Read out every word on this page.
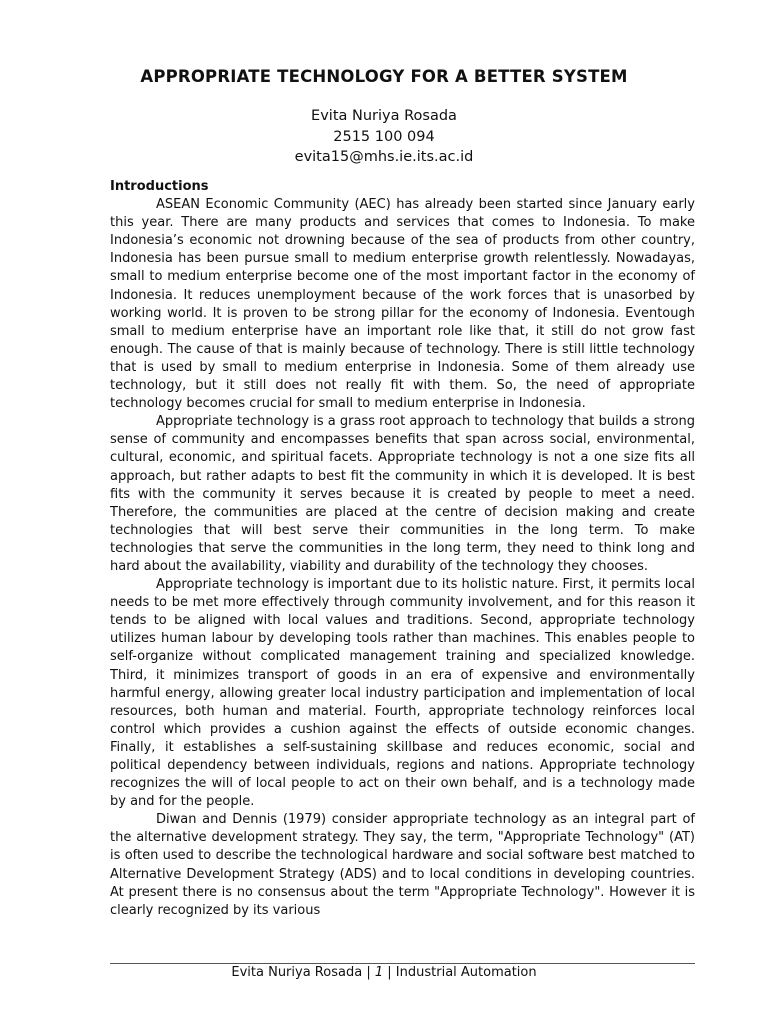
APPROPRIATE TECHNOLOGY FOR A BETTER SYSTEM
Evita Nuriya Rosada
2515 100 094
evita15@mhs.ie.its.ac.id
Introductions

ASEAN Economic Community (AEC) has already been started since January early this year. There are many products and services that comes to Indonesia. To make Indonesia’s economic not drowning because of the sea of products from other country, Indonesia has been pursue small to medium enterprise growth relentlessly. Nowadayas, small to medium enterprise become one of the most important factor in the economy of Indonesia. It reduces unemployment because of the work forces that is unasorbed by working world. It is proven to be strong pillar for the economy of Indonesia. Eventough small to medium enterprise have an important role like that, it still do not grow fast enough. The cause of that is mainly because of technology. There is still little technology that is used by small to medium enterprise in Indonesia. Some of them already use technology, but it still does not really fit with them. So, the need of appropriate technology becomes crucial for small to medium enterprise in Indonesia.

Appropriate technology is a grass root approach to technology that builds a strong sense of community and encompasses benefits that span across social, environmental, cultural, economic, and spiritual facets. Appropriate technology is not a one size fits all approach, but rather adapts to best fit the community in which it is developed. It is best fits with the community it serves because it is created by people to meet a need. Therefore, the communities are placed at the centre of decision making and create technologies that will best serve their communities in the long term. To make technologies that serve the communities in the long term, they need to think long and hard about the availability, viability and durability of the technology they chooses.

Appropriate technology is important due to its holistic nature. First, it permits local needs to be met more effectively through community involvement, and for this reason it tends to be aligned with local values and traditions. Second, appropriate technology utilizes human labour by developing tools rather than machines. This enables people to self-organize without complicated management training and specialized knowledge. Third, it minimizes transport of goods in an era of expensive and environmentally harmful energy, allowing greater local industry participation and implementation of local resources, both human and material. Fourth, appropriate technology reinforces local control which provides a cushion against the effects of outside economic changes. Finally, it establishes a self-sustaining skillbase and reduces economic, social and political dependency between individuals, regions and nations. Appropriate technology recognizes the will of local people to act on their own behalf, and is a technology made by and for the people.

Diwan and Dennis (1979) consider appropriate technology as an integral part of the alternative development strategy. They say, the term, "Appropriate Technology" (AT) is often used to describe the technological hardware and social software best matched to Alternative Development Strategy (ADS) and to local conditions in developing countries. At present there is no consensus about the term "Appropriate Technology". However it is clearly recognized by its various

Evita Nuriya Rosada | 1 | Industrial Automation
